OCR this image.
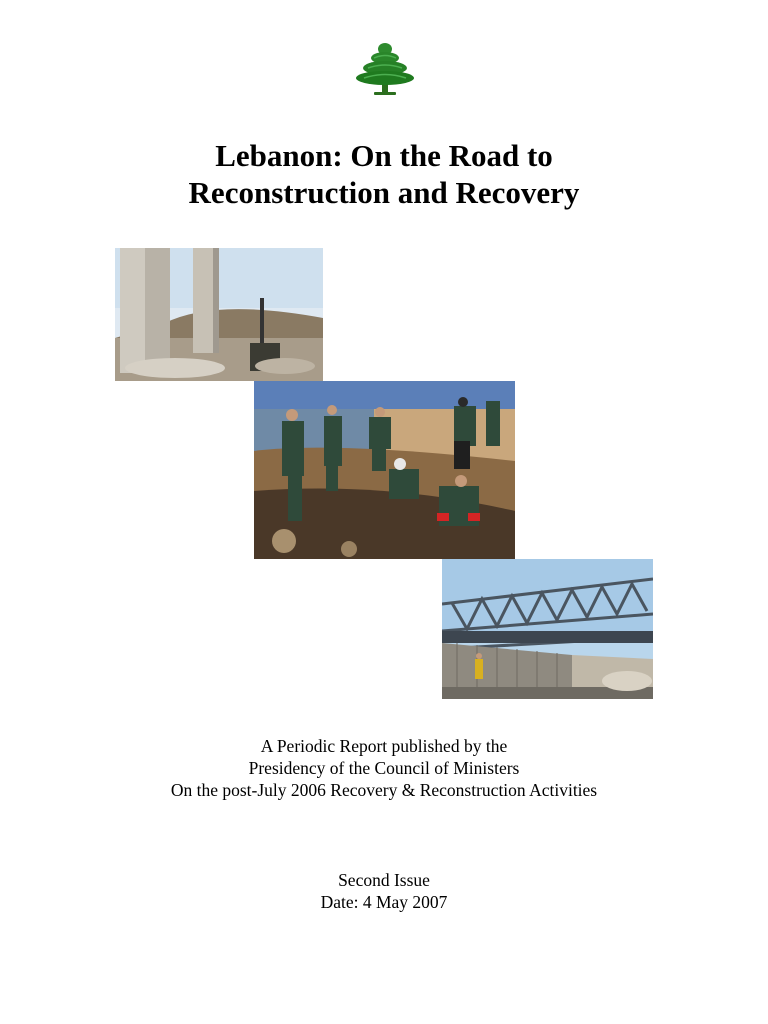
Lebanon: On the Road to
Reconstruction and Recovery
A Periodic Report published by the
Presidency of the Council of Ministers
On the post-July 2006 Recovery & Reconstruction Activities
Second Issue
Date: 4 May 2007
